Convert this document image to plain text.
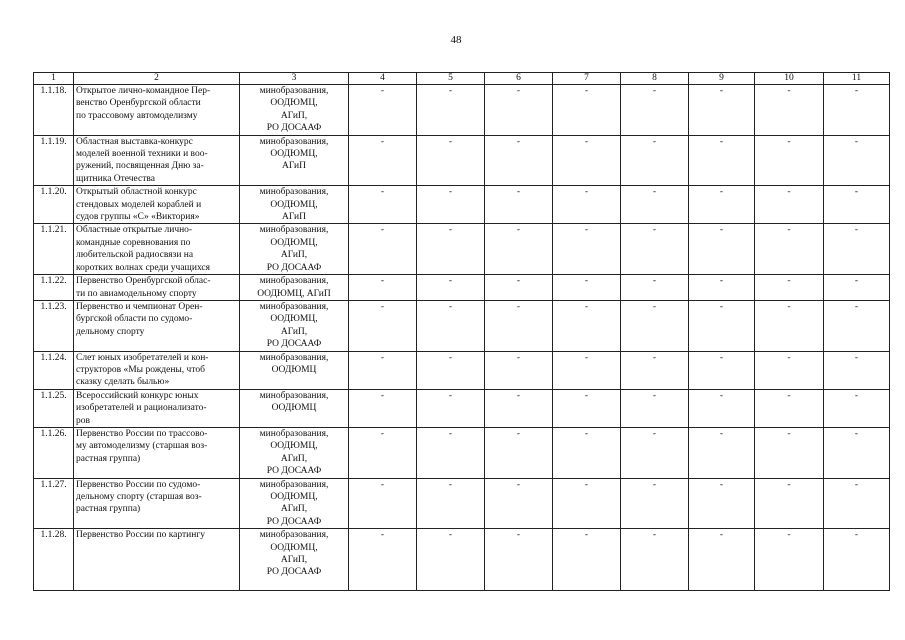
48
1	2	3	4	5	6	7	8	9	10	11
1.1.18.	Открытое лично-командное Пер-
венство Оренбургской области
по трассовому автомоделизму	минобразования,
ООДЮМЦ,
АГиП,
РО ДОСААФ	-	-	-	-	-	-	-	-
1.1.19.	Областная выставка-конкурс
моделей военной техники и воо-
ружений, посвященная Дню за-
щитника Отечества	минобразования,
ООДЮМЦ,
АГиП	-	-	-	-	-	-	-	-
1.1.20.	Открытый областной конкурс
стендовых моделей кораблей и
судов группы «С» «Виктория»	минобразования,
ООДЮМЦ,
АГиП	-	-	-	-	-	-	-	-
1.1.21.	Областные открытые лично-
командные соревнования по
любительской радиосвязи на
коротких волнах среди учащихся	минобразования,
ООДЮМЦ,
АГиП,
РО ДОСААФ	-	-	-	-	-	-	-	-
1.1.22.	Первенство Оренбургской облас-
ти по авиамодельному спорту	минобразования,
ООДЮМЦ, АГиП	-	-	-	-	-	-	-	-
1.1.23.	Первенство и чемпионат Орен-
бургской области по судомо-
дельному спорту	минобразования,
ООДЮМЦ,
АГиП,
РО ДОСААФ	-	-	-	-	-	-	-	-
1.1.24.	Слет юных изобретателей и кон-
структоров «Мы рождены, чтоб
сказку сделать былью»	минобразования,
ООДЮМЦ	-	-	-	-	-	-	-	-
1.1.25.	Всероссийский конкурс юных
изобретателей и рационализато-
ров	минобразования,
ООДЮМЦ	-	-	-	-	-	-	-	-
1.1.26.	Первенство России по трассово-
му автомоделизму (старшая воз-
растная группа)	минобразования,
ООДЮМЦ,
АГиП,
РО ДОСААФ	-	-	-	-	-	-	-	-
1.1.27.	Первенство России по судомо-
дельному спорту (старшая воз-
растная группа)	минобразования,
ООДЮМЦ,
АГиП,
РО ДОСААФ	-	-	-	-	-	-	-	-
1.1.28.	Первенство России по картингу	минобразования,
ООДЮМЦ,
АГиП,
РО ДОСААФ	-	-	-	-	-	-	-	-
